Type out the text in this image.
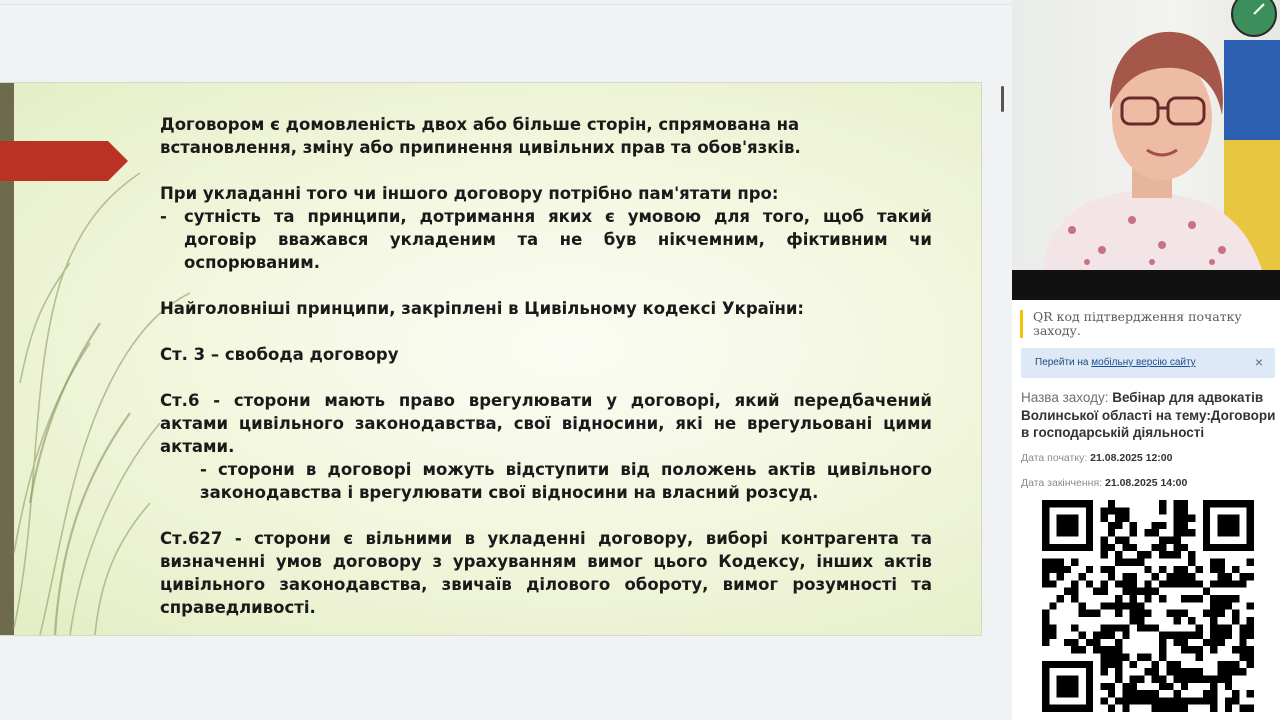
Договором є домовленість двох або більше сторін, спрямована на встановлення, зміну або припинення цивільних прав та обов'язків.

При укладанні того чи іншого договору потрібно пам'ятати про:

-	сутність та принципи, дотримання яких є умовою для того, щоб такий договір вважався укладеним та не був нікчемним, фіктивним чи оспорюваним.

Найголовніші принципи, закріплені в Цивільному кодексі України:

Ст. 3 – свобода договору

Ст.6 - сторони мають право врегулювати у договорі, який передбачений актами цивільного законодавства, свої відносини, які не врегульовані цими актами.

- сторони в договорі можуть відступити від положень актів цивільного законодавства і врегулювати свої відносини на власний розсуд.

Ст.627 - сторони є вільними в укладенні договору, виборі контрагента та визначенні умов договору з урахуванням вимог цього Кодексу, інших актів цивільного законодавства, звичаїв ділового обороту, вимог розумності та справедливості.

QR код підтвердження початку заходу.
Перейти на мобільну версію сайту	×
Назва заходу: Вебінар для адвокатів Волинської області на тему:Договори в господарській діяльності
Дата початку: 21.08.2025 12:00
Дата закінчення: 21.08.2025 14:00
